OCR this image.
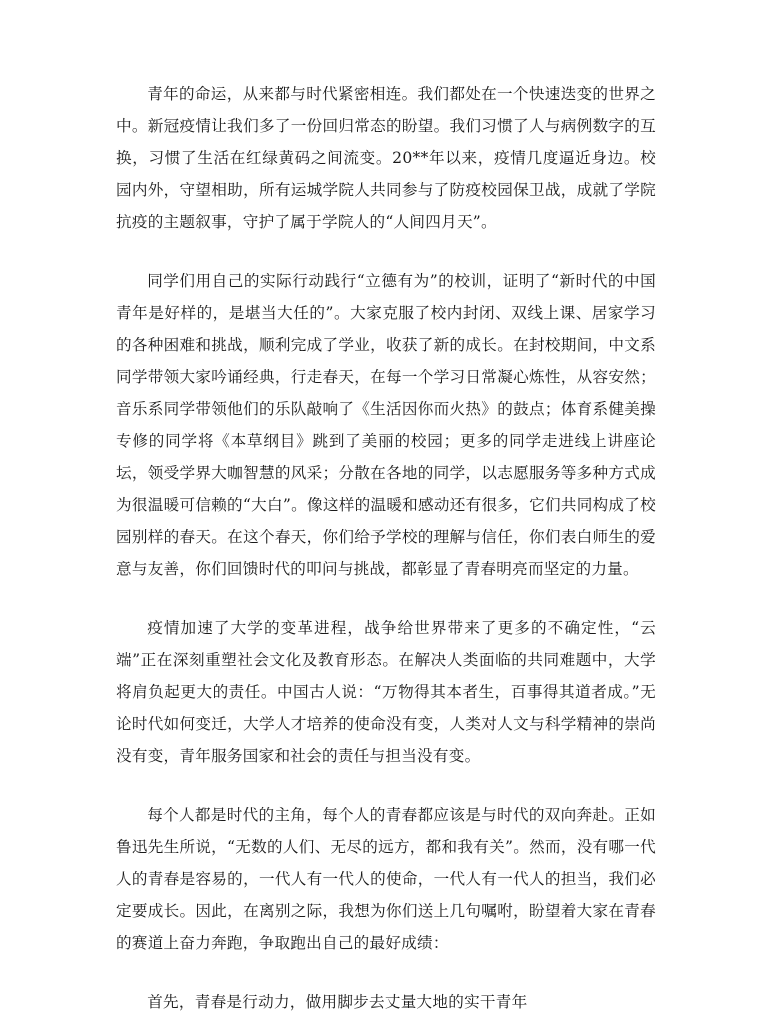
青年的命运，从来都与时代紧密相连。我们都处在一个快速迭变的世界之中。新冠疫情让我们多了一份回归常态的盼望。我们习惯了人与病例数字的互换，习惯了生活在红绿黄码之间流变。20**年以来，疫情几度逼近身边。校园内外，守望相助，所有运城学院人共同参与了防疫校园保卫战，成就了学院抗疫的主题叙事，守护了属于学院人的“人间四月天”。

同学们用自己的实际行动践行“立德有为”的校训，证明了“新时代的中国青年是好样的，是堪当大任的”。大家克服了校内封闭、双线上课、居家学习的各种困难和挑战，顺利完成了学业，收获了新的成长。在封校期间，中文系同学带领大家吟诵经典，行走春天，在每一个学习日常凝心炼性，从容安然；音乐系同学带领他们的乐队敲响了《生活因你而火热》的鼓点；体育系健美操专修的同学将《本草纲目》跳到了美丽的校园；更多的同学走进线上讲座论坛，领受学界大咖智慧的风采；分散在各地的同学，以志愿服务等多种方式成为很温暖可信赖的“大白”。像这样的温暖和感动还有很多，它们共同构成了校园别样的春天。在这个春天，你们给予学校的理解与信任，你们表白师生的爱意与友善，你们回馈时代的叩问与挑战，都彰显了青春明亮而坚定的力量。

疫情加速了大学的变革进程，战争给世界带来了更多的不确定性，“云端”正在深刻重塑社会文化及教育形态。在解决人类面临的共同难题中，大学将肩负起更大的责任。中国古人说：“万物得其本者生，百事得其道者成。”无论时代如何变迁，大学人才培养的使命没有变，人类对人文与科学精神的崇尚没有变，青年服务国家和社会的责任与担当没有变。

每个人都是时代的主角，每个人的青春都应该是与时代的双向奔赴。正如鲁迅先生所说，“无数的人们、无尽的远方，都和我有关”。然而，没有哪一代人的青春是容易的，一代人有一代人的使命，一代人有一代人的担当，我们必定要成长。因此，在离别之际，我想为你们送上几句嘱咐，盼望着大家在青春的赛道上奋力奔跑，争取跑出自己的最好成绩：

首先，青春是行动力，做用脚步去丈量大地的实干青年
